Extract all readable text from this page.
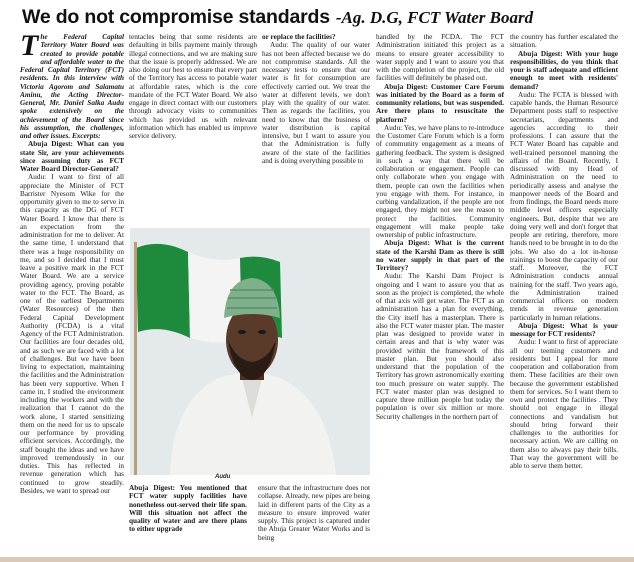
We do not compromise standards -Ag. D.G, FCT Water Board

The Federal Capital Territory Water Board was created to provide potable and affordable water to the Federal Capital Territory (FCT) residents. In this interview with Victoria Agorom and Salamatu Aminu, the Acting Director-General, Mr. Daniel Salka Audu spoke extensively on the achievement of the Board since his assumption, the challenges, and other issues. Excerpts:

Abuja Digest: What can you state Sir, are your achievements since assuming duty as FCT Water Board Director-General?

Audu: I want to first of all appreciate the Minister of FCT Barrister Nyesom Wike for the opportunity given to me to serve in this capacity as the DG of FCT Water Board. I know that there is an expectation from the administration for me to deliver. At the same time, I understand that there was a huge responsibility on me, and so I decided that I must leave a positive mark in the FCT Water Board. We are a service providing agency, proving potable water to the FCT. The Board, as one of the earliest Departments (Water Resources) of the then Federal Capital Development Authority (FCDA) is a vital Agency of the FCT Administration. Our facilities are four decades old, and as such we are faced with a lot of challenges. But we have been living to expectation, maintaining the facilities and the Administration has been very supportive. When I came in, I studied the environment including the workers and with the realization that I cannot do the work alone, I started sensitizing them on the need for us to upscale our performance by providing efficient services. Accordingly, the staff bought the ideas and we have improved tremendously in our duties. This has reflected in revenue generation which has continued to grow steadily. Besides, we want to spread our

tentacles being that some residents are defaulting in bills payment mainly through illegal connections, and we are making sure that the issue is properly addressed. We are also doing our best to ensure that every part of the Territory has access to potable water at affordable rates, which is the core mandate of the FCT Water Board. We also engage in direct contact with our customers through advocacy visits to communities which has provided us with relevant information which has enabled us improve service delivery.

or replace the facilities?

Audu: The quality of our water has not been affected because we do not compromise standards. All the necessary tests to ensure that our water is fit for consumption are effectively carried out. We treat the water at different levels, we don't play with the quality of our water. Then as regards the facilities, you need to know that the business of water distribution is capital intensive, but I want to assure you that the Administration is fully aware of the state of the facilities and is doing everything possible to

Audu

Abuja Digest: You mentioned that FCT water supply facilities have nonetheless out-served their life span. Will this situation not affect the quality of water and are there plans to either upgrade

ensure that the infrastructure does not collapse. Already, new pipes are being laid in different parts of the City as a measure to ensure improved water supply. This project is captured under the Abuja Greater Water Works and is being

handled by the FCDA. The FCT Administration initiated this project as a means to ensure greater accessibility to water supply and I want to assure you that with the completion of the project, the old facilities will definitely be phased out.

Abuja Digest: Customer Care Forum was initiated by the Board as a form of community relations, but was suspended. Are there plans to resuscitate the platform?

Audu: Yes, we have plans to re-introduce the Customer Care Forum which is a form of community engagement as a means of gathering feedback. The system is designed in such a way that there will be collaboration or engagement. People can only collaborate when you engage with them, people can own the facilities when you engage with them. For instance, in curbing vandalization, if the people are not engaged, they might not see the reason to protect the facilities. Community engagement will make people take ownership of public infrastructure.

Abuja Digest: What is the current state of the Karshi Dam as there is still no water supply in that part of the Territory?

Audu: The Karshi Dam Project is ongoing and I want to assure you that as soon as the project is completed, the whole of that axis will get water. The FCT as an administration has a plan for everything, the City itself has a masterplan. There is also the FCT water master plan. The master plan was designed to provide water in certain areas and that is why water was provided within the framework of this master plan. But you should also understand that the population of the Territory has grown astronomically exerting too much pressure on water supply. The FCT water master plan was designed to capture three million people but today the population is over six million or more. Security challenges in the northern part of

the country has further escalated the situation.

Abuja Digest: With your huge responsibilities, do you think that your is staff adequate and efficient enough to meet with residents' demand?

Audu: The FCTA is blessed with capable hands, the Human Resource Department posts staff to respective secretariats, departments and agencies according to their professions. I can assure that the FCT Water Board has capable and well-trained personnel manning the affairs of the Board. Recently, I discussed with my Head of Administration on the need to periodically assess and analyse the manpower needs of the Board and from findings, the Board needs more middle level officers especially engineers. But, despite that we are doing very well and don't forget that people are retiring, therefore, more hands need to be brought in to do the jobs. We also do a lot in-house trainings to boost the capacity of our staff. Moreover, the FCT Administration conducts annual training for the staff. Two years ago, the Administration trained commercial officers on modern trends in revenue generation particularly in human relations.

Abuja Digest: What is your message for FCT residents?

Audu: I want to first of appreciate all our teeming customers and residents but I appeal for more cooperation and collaboration from them. These facilities are their own because the government established them for services. So I want them to own and protect the facilities . They should not engage in illegal connections and vandalism but should bring forward their challenges to the authorities for necessary action. We are calling on them also to always pay their bills. That way the government will be able to serve them better.
